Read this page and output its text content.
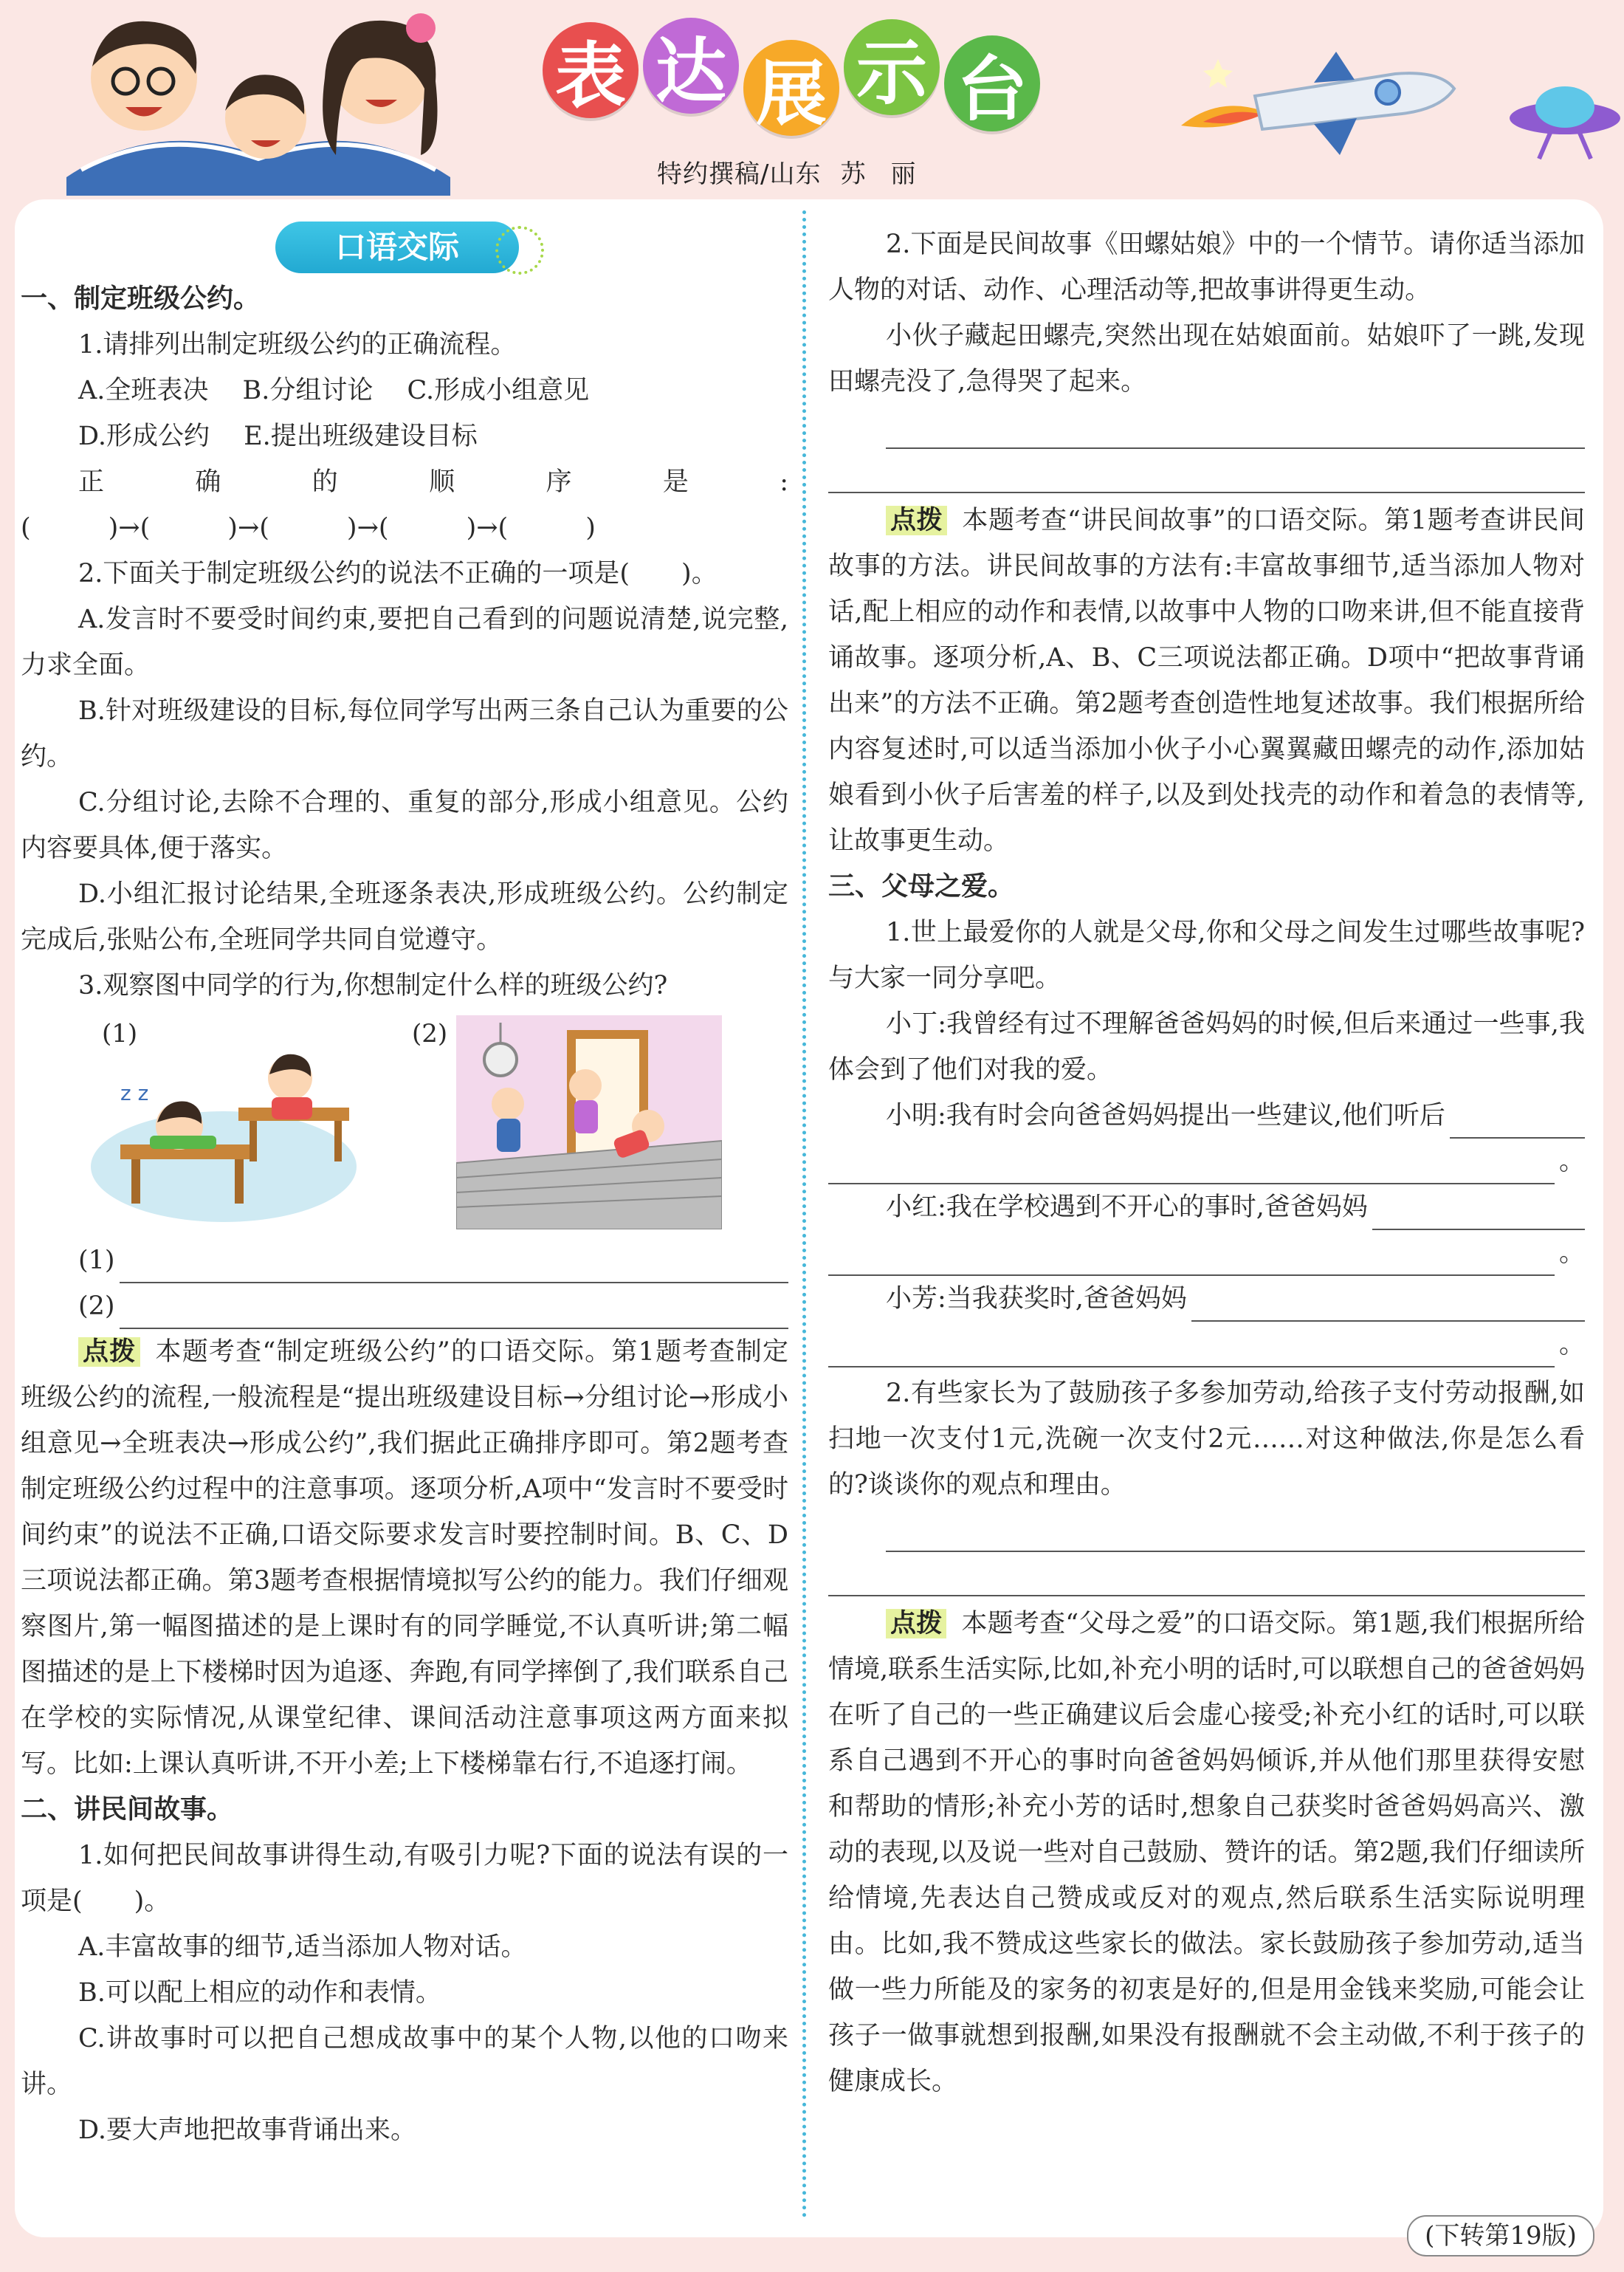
表 达 展 示 台
特约撰稿/山东 苏丽
口语交际

一、制定班级公约。

1.请排列出制定班级公约的正确流程。

A.全班表决　 B.分组讨论　 C.形成小组意见

D.形成公约　 E.提出班级建设目标

正确的顺序是:(　　　)→(　　　)→(　　　)→(　　　)→(　　　)

2.下面关于制定班级公约的说法不正确的一项是(　　)。

A.发言时不要受时间约束,要把自己看到的问题说清楚,说完整,力求全面。

B.针对班级建设的目标,每位同学写出两三条自己认为重要的公约。

C.分组讨论,去除不合理的、重复的部分,形成小组意见。公约内容要具体,便于落实。

D.小组汇报讨论结果,全班逐条表决,形成班级公约。公约制定完成后,张贴公布,全班同学共同自觉遵守。

3.观察图中同学的行为,你想制定什么样的班级公约?

(1)
z z
(2)
(1)
(2)

点拨 本题考查“制定班级公约”的口语交际。第1题考查制定班级公约的流程,一般流程是“提出班级建设目标→分组讨论→形成小组意见→全班表决→形成公约”,我们据此正确排序即可。第2题考查制定班级公约过程中的注意事项。逐项分析,A项中“发言时不要受时间约束”的说法不正确,口语交际要求发言时要控制时间。B、C、D三项说法都正确。第3题考查根据情境拟写公约的能力。我们仔细观察图片,第一幅图描述的是上课时有的同学睡觉,不认真听讲;第二幅图描述的是上下楼梯时因为追逐、奔跑,有同学摔倒了,我们联系自己在学校的实际情况,从课堂纪律、课间活动注意事项这两方面来拟写。比如:上课认真听讲,不开小差;上下楼梯靠右行,不追逐打闹。

二、讲民间故事。

1.如何把民间故事讲得生动,有吸引力呢?下面的说法有误的一项是(　　)。

A.丰富故事的细节,适当添加人物对话。

B.可以配上相应的动作和表情。

C.讲故事时可以把自己想成故事中的某个人物,以他的口吻来讲。

D.要大声地把故事背诵出来。

2.下面是民间故事《田螺姑娘》中的一个情节。请你适当添加人物的对话、动作、心理活动等,把故事讲得更生动。

小伙子藏起田螺壳,突然出现在姑娘面前。姑娘吓了一跳,发现田螺壳没了,急得哭了起来。

点拨 本题考查“讲民间故事”的口语交际。第1题考查讲民间故事的方法。讲民间故事的方法有:丰富故事细节,适当添加人物对话,配上相应的动作和表情,以故事中人物的口吻来讲,但不能直接背诵故事。逐项分析,A、B、C三项说法都正确。D项中“把故事背诵出来”的方法不正确。第2题考查创造性地复述故事。我们根据所给内容复述时,可以适当添加小伙子小心翼翼藏田螺壳的动作,添加姑娘看到小伙子后害羞的样子,以及到处找壳的动作和着急的表情等,让故事更生动。

三、父母之爱。

1.世上最爱你的人就是父母,你和父母之间发生过哪些故事呢?与大家一同分享吧。

小丁:我曾经有过不理解爸爸妈妈的时候,但后来通过一些事,我体会到了他们对我的爱。

小明:我有时会向爸爸妈妈提出一些建议,他们听后
。
小红:我在学校遇到不开心的事时,爸爸妈妈
。
小芳:当我获奖时,爸爸妈妈
。

2.有些家长为了鼓励孩子多参加劳动,给孩子支付劳动报酬,如扫地一次支付1元,洗碗一次支付2元……对这种做法,你是怎么看的?谈谈你的观点和理由。

点拨 本题考查“父母之爱”的口语交际。第1题,我们根据所给情境,联系生活实际,比如,补充小明的话时,可以联想自己的爸爸妈妈在听了自己的一些正确建议后会虚心接受;补充小红的话时,可以联系自己遇到不开心的事时向爸爸妈妈倾诉,并从他们那里获得安慰和帮助的情形;补充小芳的话时,想象自己获奖时爸爸妈妈高兴、激动的表现,以及说一些对自己鼓励、赞许的话。第2题,我们仔细读所给情境,先表达自己赞成或反对的观点,然后联系生活实际说明理由。比如,我不赞成这些家长的做法。家长鼓励孩子参加劳动,适当做一些力所能及的家务的初衷是好的,但是用金钱来奖励,可能会让孩子一做事就想到报酬,如果没有报酬就不会主动做,不利于孩子的健康成长。

(下转第19版)
